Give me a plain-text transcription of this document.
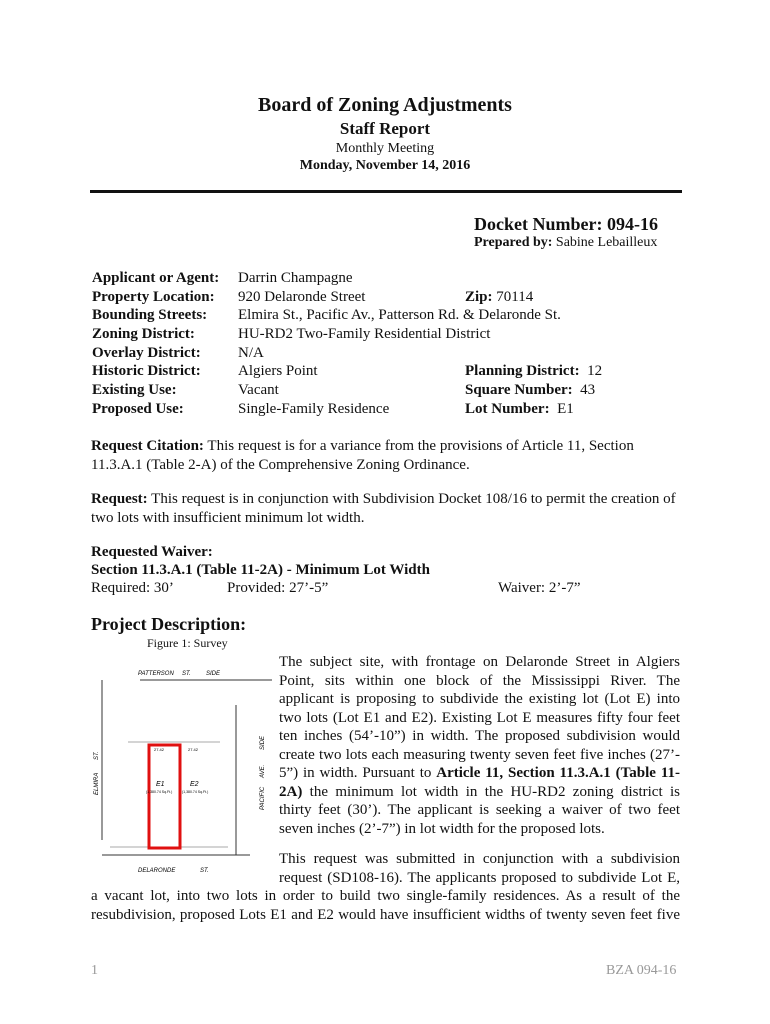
Board of Zoning Adjustments
Staff Report
Monthly Meeting
Monday, November 14, 2016
Docket Number: 094-16
Prepared by: Sabine Lebailleux
Applicant or Agent: Darrin Champagne
Property Location: 920 Delaronde Street	Zip: 70114
Bounding Streets: Elmira St., Pacific Av., Patterson Rd. & Delaronde St.
Zoning District:	HU-RD2 Two-Family Residential District
Overlay District: N/A
Historic District: Algiers Point	Planning District: 12
Existing Use:	Vacant	Square Number: 43
Proposed Use:	Single-Family Residence	Lot Number: E1
Request Citation: This request is for a variance from the provisions of Article 11, Section
11.3.A.1 (Table 2-A) of the Comprehensive Zoning Ordinance.
Request: This request is in conjunction with Subdivision Docket 108/16 to permit the creation of
two lots with insufficient minimum lot width.
Requested Waiver:
Section 11.3.A.1 (Table 11-2A) - Minimum Lot Width
Required: 30’	Provided: 27’-5”	Waiver: 2’-7”
Project Description:
Figure 1: Survey
PATTERSON ST.	SIDE
ELMIRA
ST.
PACIFIC
AVE.
SIDE
DELARONDE	ST.
E1	E2
(1,380.74 Sq.Ft.)	(1,380.74 Sq.Ft.)
27.42	27.42
The subject site, with frontage on Delaronde Street in Algiers
Point, sits within one block of the Mississippi River. The
applicant is proposing to subdivide the existing lot (Lot E) into
two lots (Lot E1 and E2). Existing Lot E measures fifty four feet
ten inches (54’-10”) in width. The proposed subdivision would
create two lots each measuring twenty seven feet five inches (27’-
5”) in width. Pursuant to Article 11, Section 11.3.A.1 (Table 11-
2A) the minimum lot width in the HU-RD2 zoning district is
thirty feet (30’). The applicant is seeking a waiver of two feet
seven inches (2’-7”) in lot width for the proposed lots.
This request was submitted in conjunction with a subdivision
request (SD108-16). The applicants proposed to subdivide Lot E,
a vacant lot, into two lots in order to build two single-family residences. As a result of the
resubdivision, proposed Lots E1 and E2 would have insufficient widths of twenty seven feet five
1	BZA 094-16
